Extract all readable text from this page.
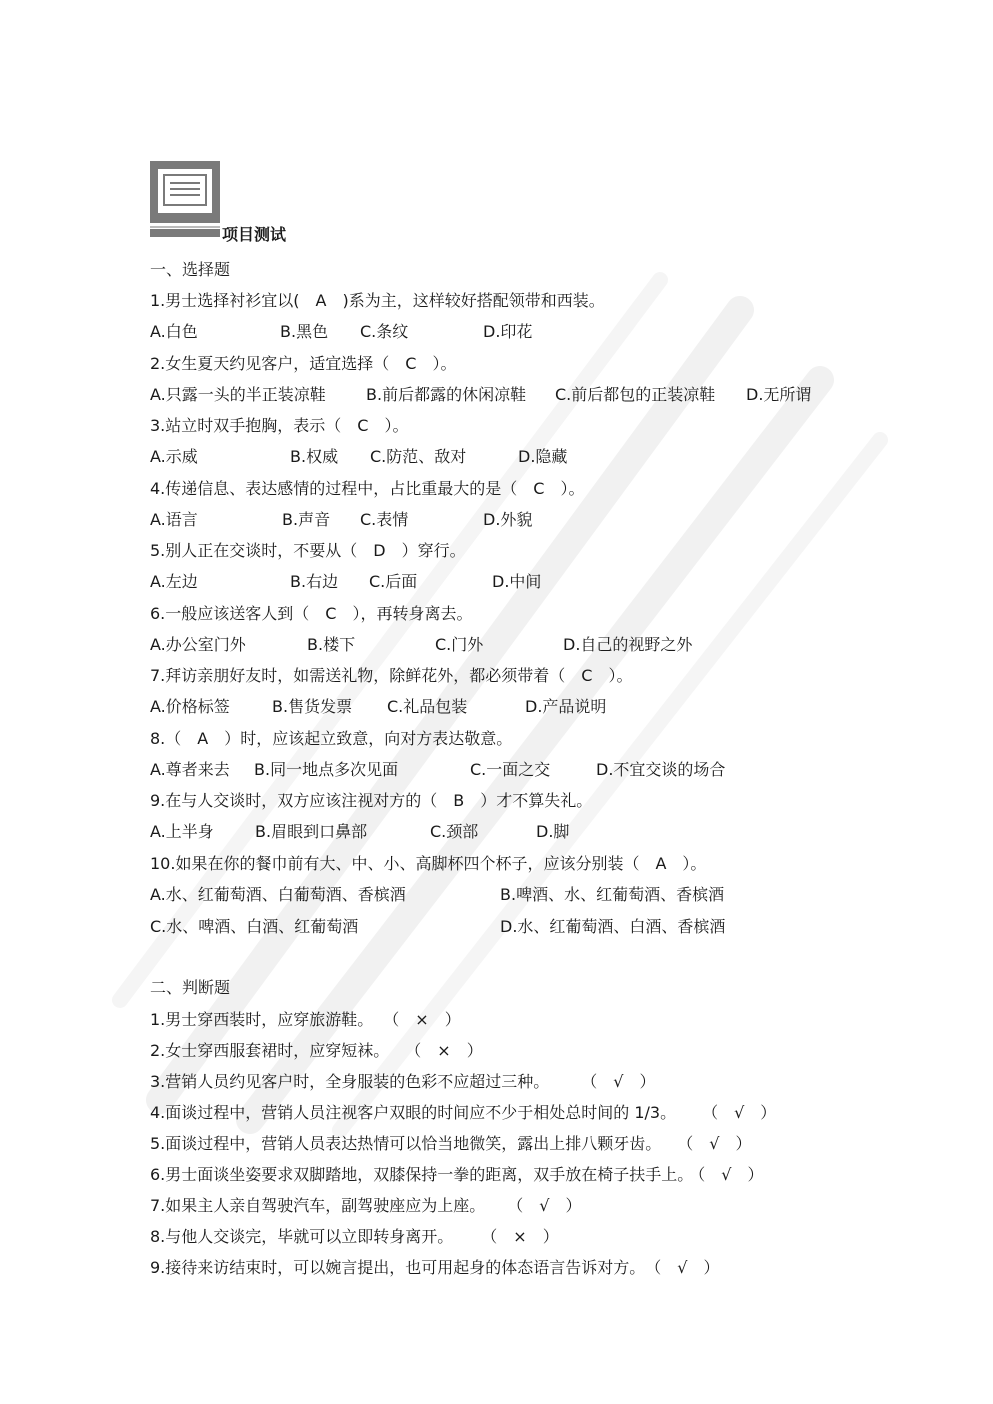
项目测试
一、选择题
1.男士选择衬衫宜以(　A　)系为主，这样较好搭配领带和西装。
A.白色	B.黑色 C.条纹	D.印花
2.女生夏天约见客户，适宜选择（　C　）。
A.只露一头的半正装凉鞋	B.前后都露的休闲凉鞋 C.前后都包的正装凉鞋 D.无所谓
3.站立时双手抱胸，表示（　C　）。
A.示威	B.权威 C.防范、敌对	D.隐藏
4.传递信息、表达感情的过程中，占比重最大的是（　C　）。
A.语言	B.声音 C.表情	D.外貌
5.别人正在交谈时，不要从（　D　）穿行。
A.左边	B.右边 C.后面	D.中间
6.一般应该送客人到（　C　），再转身离去。
A.办公室门外	B.楼下	C.门外	D.自己的视野之外
7.拜访亲朋好友时，如需送礼物，除鲜花外，都必须带着（　C　）。
A.价格标签	B.售货发票 C.礼品包装	D.产品说明
8.（　A　）时，应该起立致意，向对方表达敬意。
A.尊者来去 B.同一地点多次见面	C.一面之交	D.不宜交谈的场合
9.在与人交谈时，双方应该注视对方的（　B　）才不算失礼。
A.上半身	B.眉眼到口鼻部	C.颈部	D.脚
10.如果在你的餐巾前有大、中、小、高脚杯四个杯子，应该分别装（　A　）。
A.水、红葡萄酒、白葡萄酒、香槟酒	B.啤酒、水、红葡萄酒、香槟酒
C.水、啤酒、白酒、红葡萄酒	D.水、红葡萄酒、白酒、香槟酒
二、判断题
1.男士穿西装时，应穿旅游鞋。 （　×　）
2.女士穿西服套裙时，应穿短袜。 （　×　）
3.营销人员约见客户时，全身服装的色彩不应超过三种。	（　√　）
4.面谈过程中，营销人员注视客户双眼的时间应不少于相处总时间的 1/3。 （　√　）
5.面谈过程中，营销人员表达热情可以恰当地微笑，露出上排八颗牙齿。 （　√　）
6.男士面谈坐姿要求双脚踏地，双膝保持一拳的距离，双手放在椅子扶手上。 （　√　）
7.如果主人亲自驾驶汽车，副驾驶座应为上座。 （　√　）
8.与他人交谈完，毕就可以立即转身离开。 （　×　）
9.接待来访结束时，可以婉言提出，也可用起身的体态语言告诉对方。 （　√　）
